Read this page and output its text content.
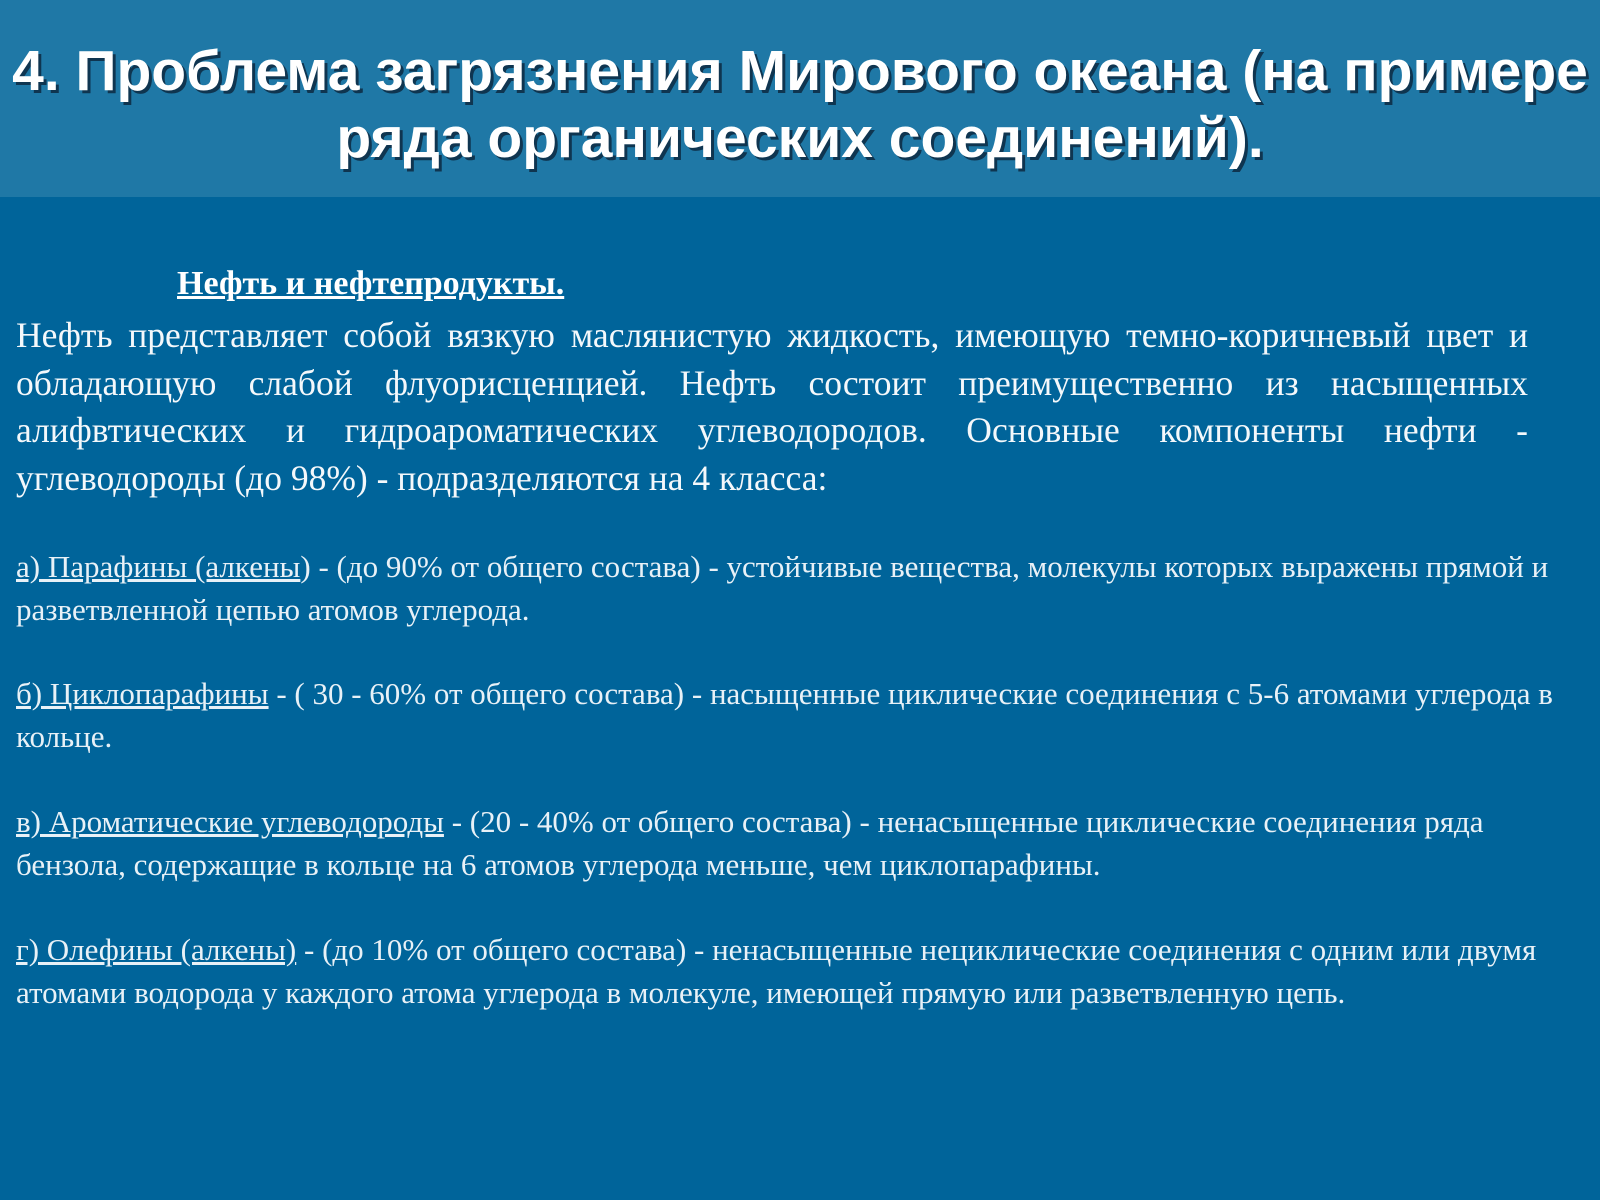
4. Проблема загрязнения Мирового океана (на примере ряда органических соединений).
Нефть и нефтепродукты.

Нефть представляет собой вязкую маслянистую жидкость, имеющую темно-коричневый цвет и обладающую слабой флуорисценцией. Нефть состоит преимущественно из насыщенных алифвтических и гидроароматических углеводородов. Основные компоненты нефти - углеводороды (до 98%) - подразделяются на 4 класса:

а) Парафины (алкены) - (до 90% от общего состава) - устойчивые вещества, молекулы которых выражены прямой и разветвленной цепью атомов углерода.

б) Циклопарафины - ( 30 - 60% от общего состава) - насыщенные циклические соединения с 5-6 атомами углерода в кольце.

в) Ароматические углеводороды - (20 - 40% от общего состава) - ненасыщенные циклические соединения ряда бензола, содержащие в кольце на 6 атомов углерода меньше, чем циклопарафины.

г) Олефины (алкены) - (до 10% от общего состава) - ненасыщенные нециклические соединения с одним или двумя атомами водорода у каждого атома углерода в молекуле, имеющей прямую или разветвленную цепь.
